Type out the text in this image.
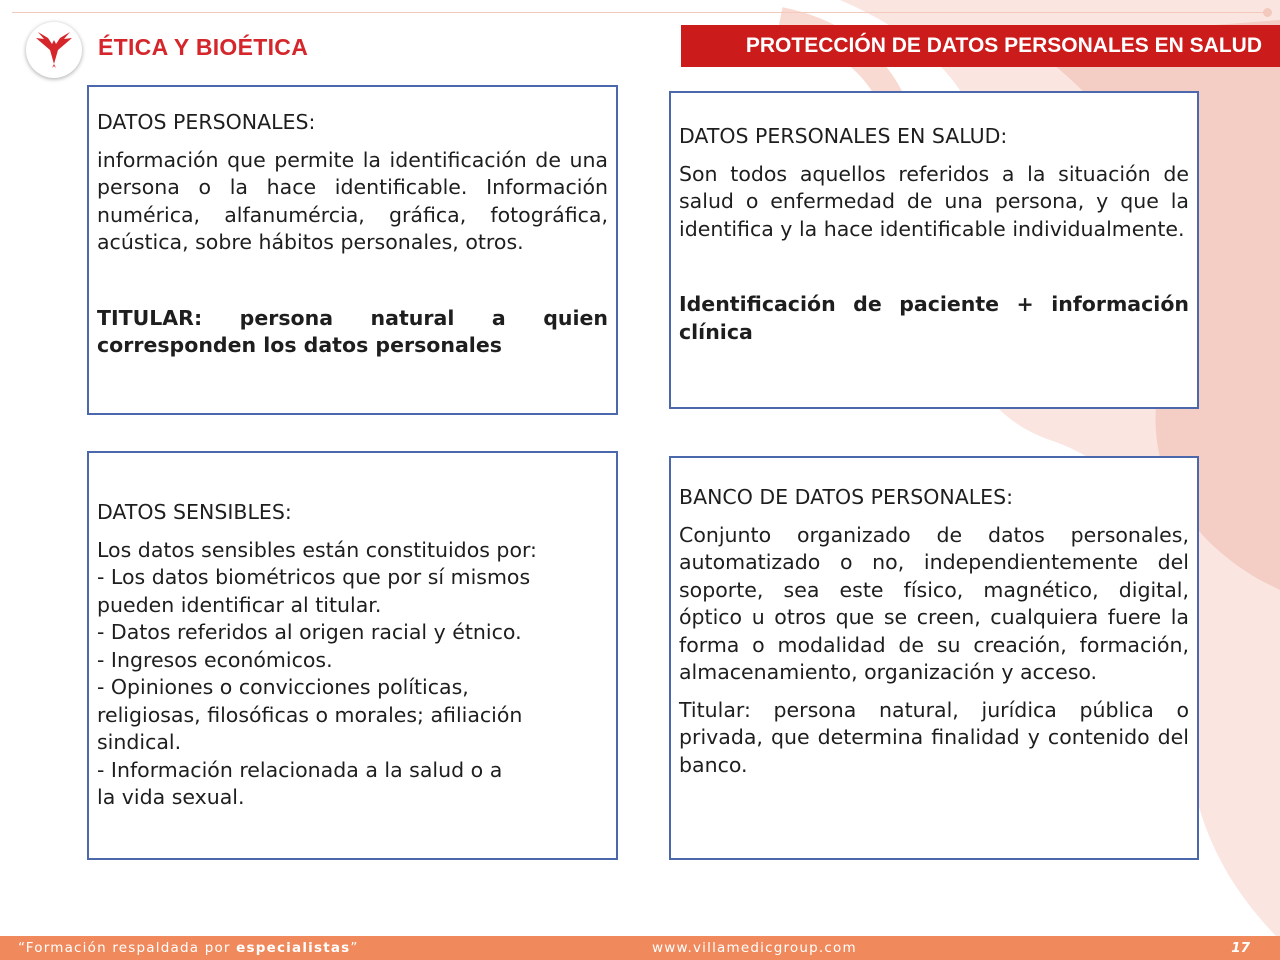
ÉTICA Y BIOÉTICA	PROTECCIÓN DE DATOS PERSONALES EN SALUD

DATOS PERSONALES:

información que permite la identificación de una persona o la hace identificable. Información numérica, alfanumércia, gráfica, fotográfica, acústica, sobre hábitos personales, otros.

TITULAR: persona natural a quien corresponden los datos personales

DATOS PERSONALES EN SALUD:

Son todos aquellos referidos a la situación de salud o enfermedad de una persona, y que la identifica y la hace identificable individualmente.

Identificación de paciente + información clínica

DATOS SENSIBLES:

Los datos sensibles están constituidos por:

- Los datos biométricos que por sí mismos

pueden identificar al titular.

- Datos referidos al origen racial y étnico.

- Ingresos económicos.

- Opiniones o convicciones políticas,

religiosas, filosóficas o morales; afiliación

sindical.

- Información relacionada a la salud o a

la vida sexual.

BANCO DE DATOS PERSONALES:

Conjunto organizado de datos personales, automatizado o no, independientemente del soporte, sea este físico, magnético, digital, óptico u otros que se creen, cualquiera fuere la forma o modalidad de su creación, formación, almacenamiento, organización y acceso.

Titular: persona natural, jurídica pública o privada, que determina finalidad y contenido del banco.

“Formación respaldada por especialistas”	www.villamedicgroup.com	17
